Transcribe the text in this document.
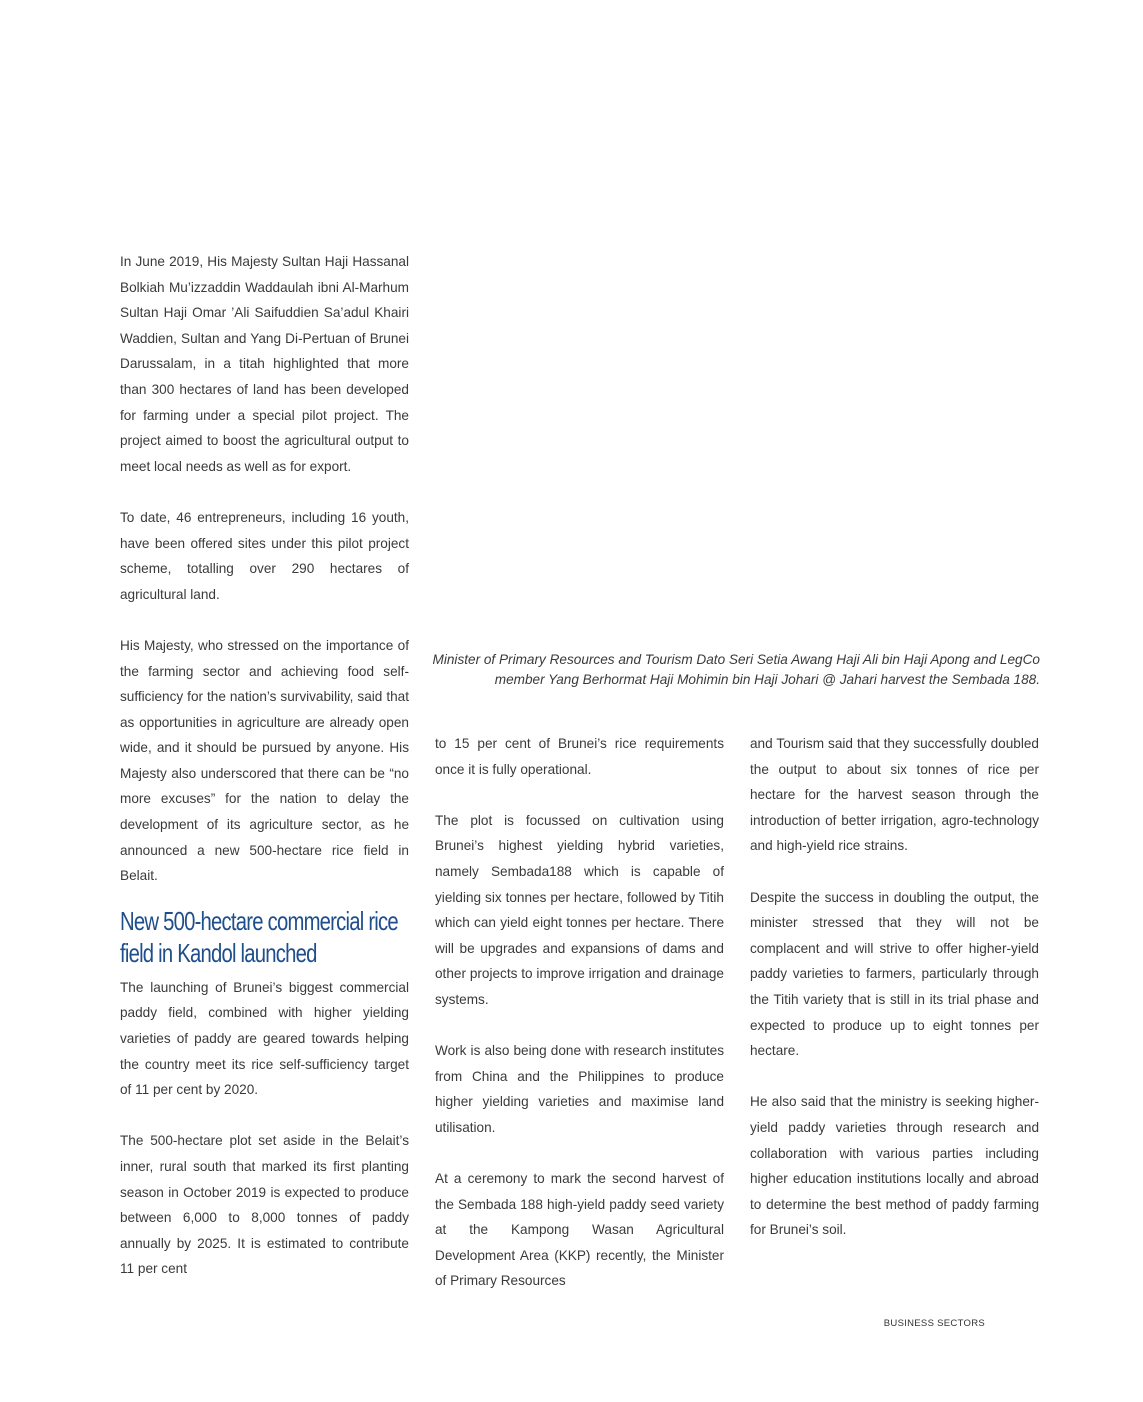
In June 2019, His Majesty Sultan Haji Hassanal Bolkiah Mu’izzaddin Waddaulah ibni Al-Marhum Sultan Haji Omar ’Ali Saifuddien Sa’adul Khairi Waddien, Sultan and Yang Di-Pertuan of Brunei Darussalam, in a titah highlighted that more than 300 hectares of land has been developed for farming under a special pilot project. The project aimed to boost the agricultural output to meet local needs as well as for export.

To date, 46 entrepreneurs, including 16 youth, have been offered sites under this pilot project scheme, totalling over 290 hectares of agricultural land.

His Majesty, who stressed on the importance of the farming sector and achieving food self-sufficiency for the nation’s survivability, said that as opportunities in agriculture are already open wide, and it should be pursued by anyone. His Majesty also underscored that there can be “no more excuses” for the nation to delay the development of its agriculture sector, as he announced a new 500-hectare rice field in Belait.

New 500-hectare commercial rice field in Kandol launched

The launching of Brunei’s biggest commercial paddy field, combined with higher yielding varieties of paddy are geared towards helping the country meet its rice self-sufficiency target of 11 per cent by 2020.

The 500-hectare plot set aside in the Belait’s inner, rural south that marked its first planting season in October 2019 is expected to produce between 6,000 to 8,000 tonnes of paddy annually by 2025. It is estimated to contribute 11 per cent

Minister of Primary Resources and Tourism Dato Seri Setia Awang Haji Ali bin Haji Apong and LegCo member Yang Berhormat Haji Mohimin bin Haji Johari @ Jahari harvest the Sembada 188.

to 15 per cent of Brunei’s rice requirements once it is fully operational.

The plot is focussed on cultivation using Brunei’s highest yielding hybrid varieties, namely Sembada188 which is capable of yielding six tonnes per hectare, followed by Titih which can yield eight tonnes per hectare. There will be upgrades and expansions of dams and other projects to improve irrigation and drainage systems.

Work is also being done with research institutes from China and the Philippines to produce higher yielding varieties and maximise land utilisation.

At a ceremony to mark the second harvest of the Sembada 188 high-yield paddy seed variety at the Kampong Wasan Agricultural Development Area (KKP) recently, the Minister of Primary Resources

and Tourism said that they successfully doubled the output to about six tonnes of rice per hectare for the harvest season through the introduction of better irrigation, agro-technology and high-yield rice strains.

Despite the success in doubling the output, the minister stressed that they will not be complacent and will strive to offer higher-yield paddy varieties to farmers, particularly through the Titih variety that is still in its trial phase and expected to produce up to eight tonnes per hectare.

He also said that the ministry is seeking higher-yield paddy varieties through research and collaboration with various parties including higher education institutions locally and abroad to determine the best method of paddy farming for Brunei’s soil.

BUSINESS SECTORS
